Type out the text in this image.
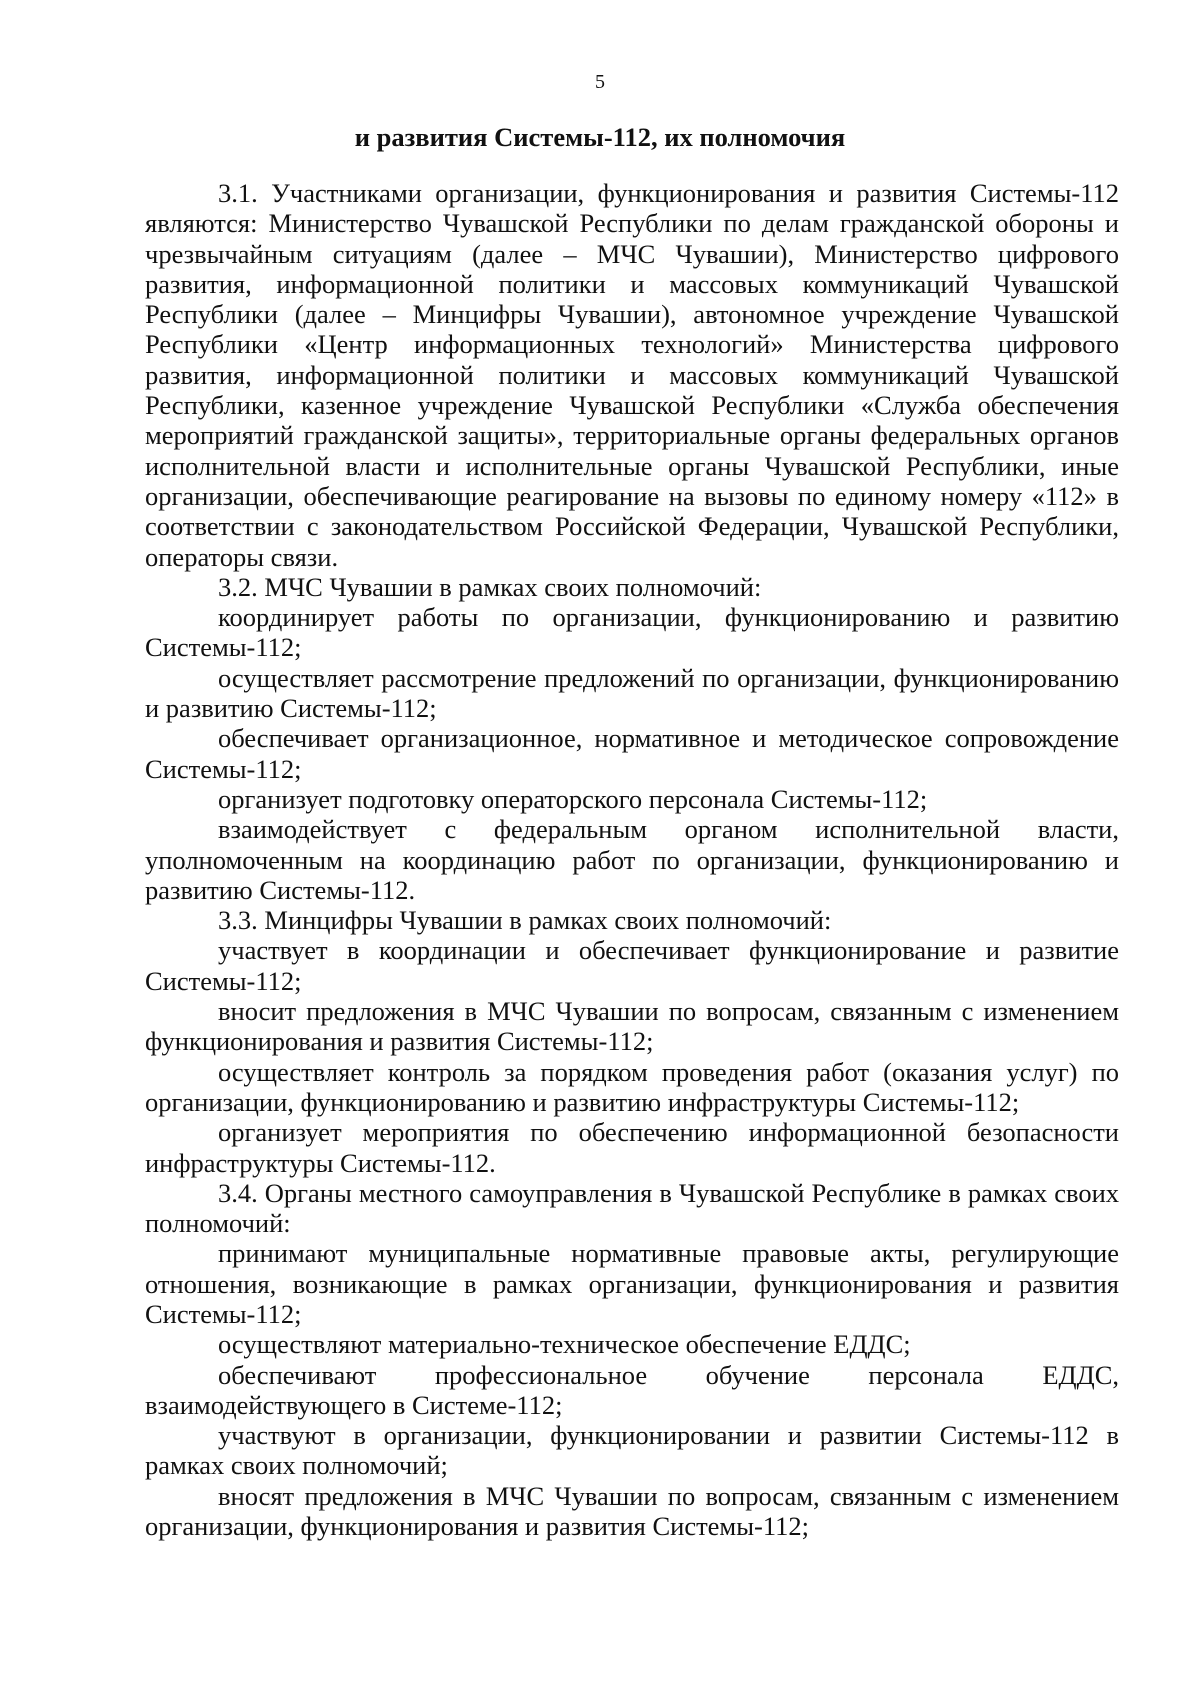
5
и развития Системы-112, их полномочия

3.1. Участниками организации, функционирования и развития Системы-112 являются: Министерство Чувашской Республики по делам гражданской обороны и чрезвычайным ситуациям (далее – МЧС Чувашии), Министерство цифрового развития, информационной политики и массовых коммуникаций Чувашской Республики (далее – Минцифры Чувашии), автономное учреждение Чувашской Республики «Центр информационных технологий» Министерства цифрового развития, информационной политики и массовых коммуникаций Чувашской Республики, казенное учреждение Чувашской Республики «Служба обеспечения мероприятий гражданской защиты», территориальные органы федеральных органов исполнительной власти и исполнительные органы Чувашской Республики, иные организации, обеспечивающие реагирование на вызовы по единому номеру «112» в соответствии с законодательством Российской Федерации, Чувашской Республики, операторы связи.

3.2. МЧС Чувашии в рамках своих полномочий:

координирует работы по организации, функционированию и развитию Системы-112;

осуществляет рассмотрение предложений по организации, функционированию и развитию Системы-112;

обеспечивает организационное, нормативное и методическое сопровождение Системы-112;

организует подготовку операторского персонала Системы-112;

взаимодействует с федеральным органом исполнительной власти, уполномоченным на координацию работ по организации, функционированию и развитию Системы-112.

3.3. Минцифры Чувашии в рамках своих полномочий:

участвует в координации и обеспечивает функционирование и развитие Системы-112;

вносит предложения в МЧС Чувашии по вопросам, связанным с изменением функционирования и развития Системы-112;

осуществляет контроль за порядком проведения работ (оказания услуг) по организации, функционированию и развитию инфраструктуры Системы-112;

организует мероприятия по обеспечению информационной безопасности инфраструктуры Системы-112.

3.4. Органы местного самоуправления в Чувашской Республике в рамках своих полномочий:

принимают муниципальные нормативные правовые акты, регулирующие отношения, возникающие в рамках организации, функционирования и развития Системы-112;

осуществляют материально-техническое обеспечение ЕДДС;

обеспечивают профессиональное обучение персонала ЕДДС, взаимодействующего в Системе-112;

участвуют в организации, функционировании и развитии Системы-112 в рамках своих полномочий;

вносят предложения в МЧС Чувашии по вопросам, связанным с изменением организации, функционирования и развития Системы-112;
